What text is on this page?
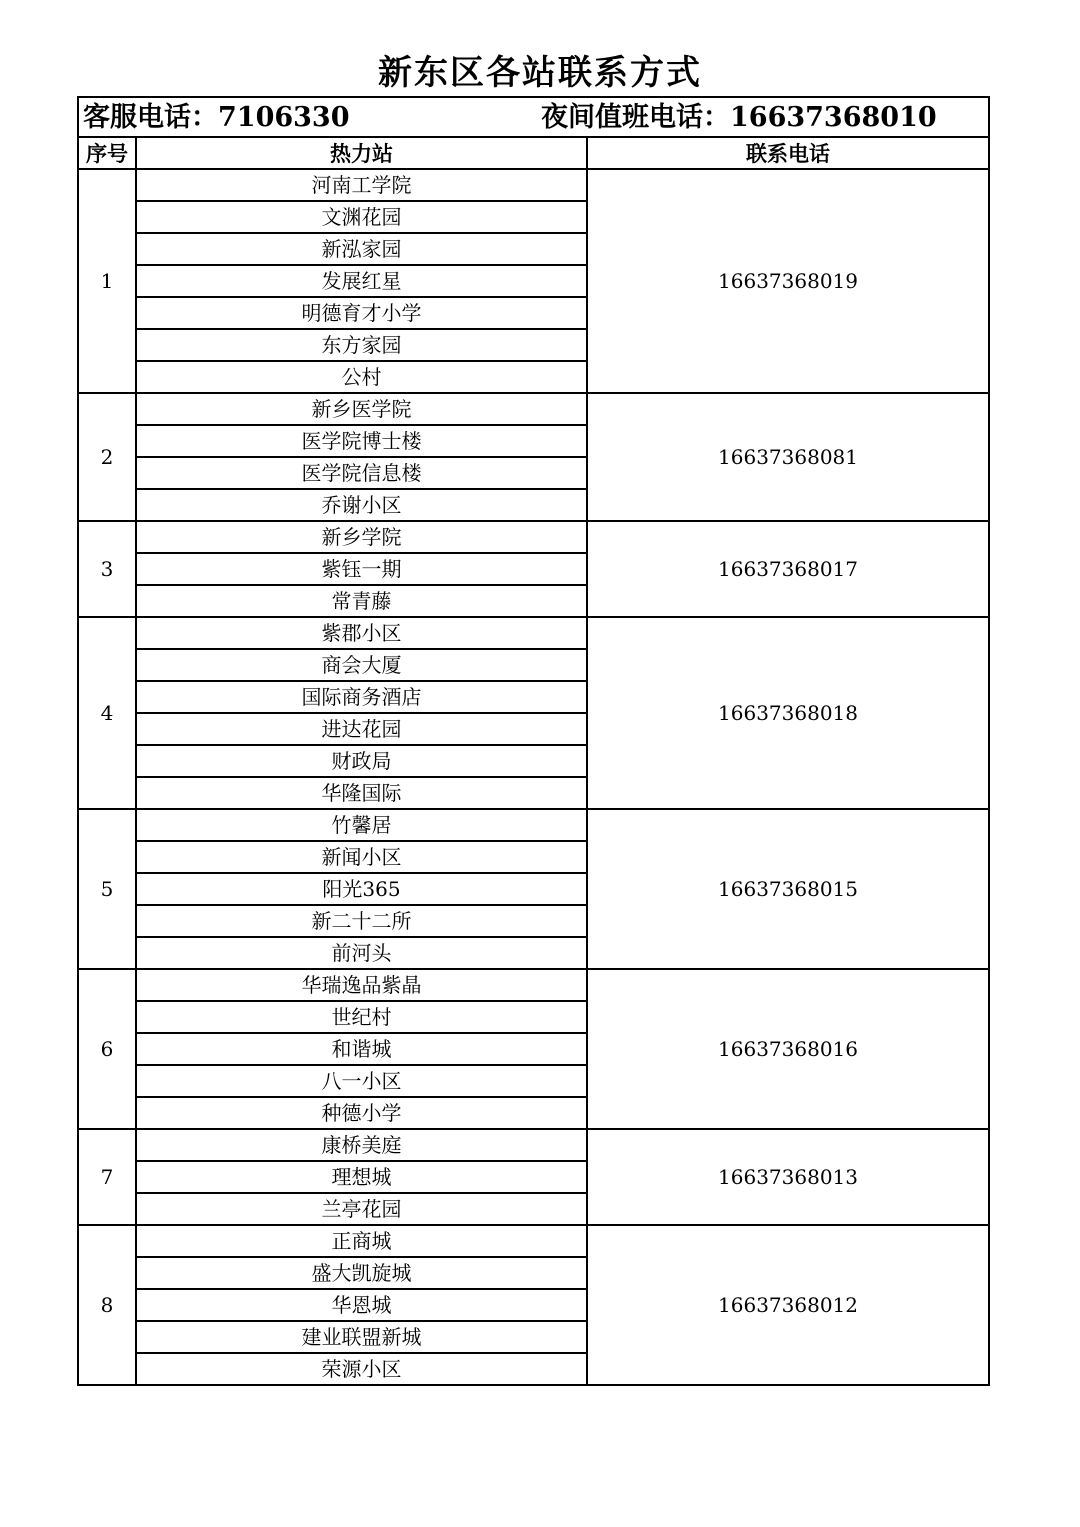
新东区各站联系方式
客服电话：7106330 夜间值班电话：16637368010		

序号	热力站	联系电话
1	河南工学院	16637368019
	文渊花园	
	新泓家园	
	发展红星	
	明德育才小学	
	东方家园	
	公村	
2	新乡医学院	16637368081
	医学院博士楼	
	医学院信息楼	
	乔谢小区	
3	新乡学院	16637368017
	紫钰一期	
	常青藤	
4	紫郡小区	16637368018
	商会大厦	
	国际商务酒店	
	进达花园	
	财政局	
	华隆国际	
5	竹馨居	16637368015
	新闻小区	
	阳光365	
	新二十二所	
	前河头	
6	华瑞逸品紫晶	16637368016
	世纪村	
	和谐城	
	八一小区	
	种德小学	
7	康桥美庭	16637368013
	理想城	
	兰亭花园	
8	正商城	16637368012
	盛大凯旋城	
	华恩城	
	建业联盟新城	
	荣源小区	
